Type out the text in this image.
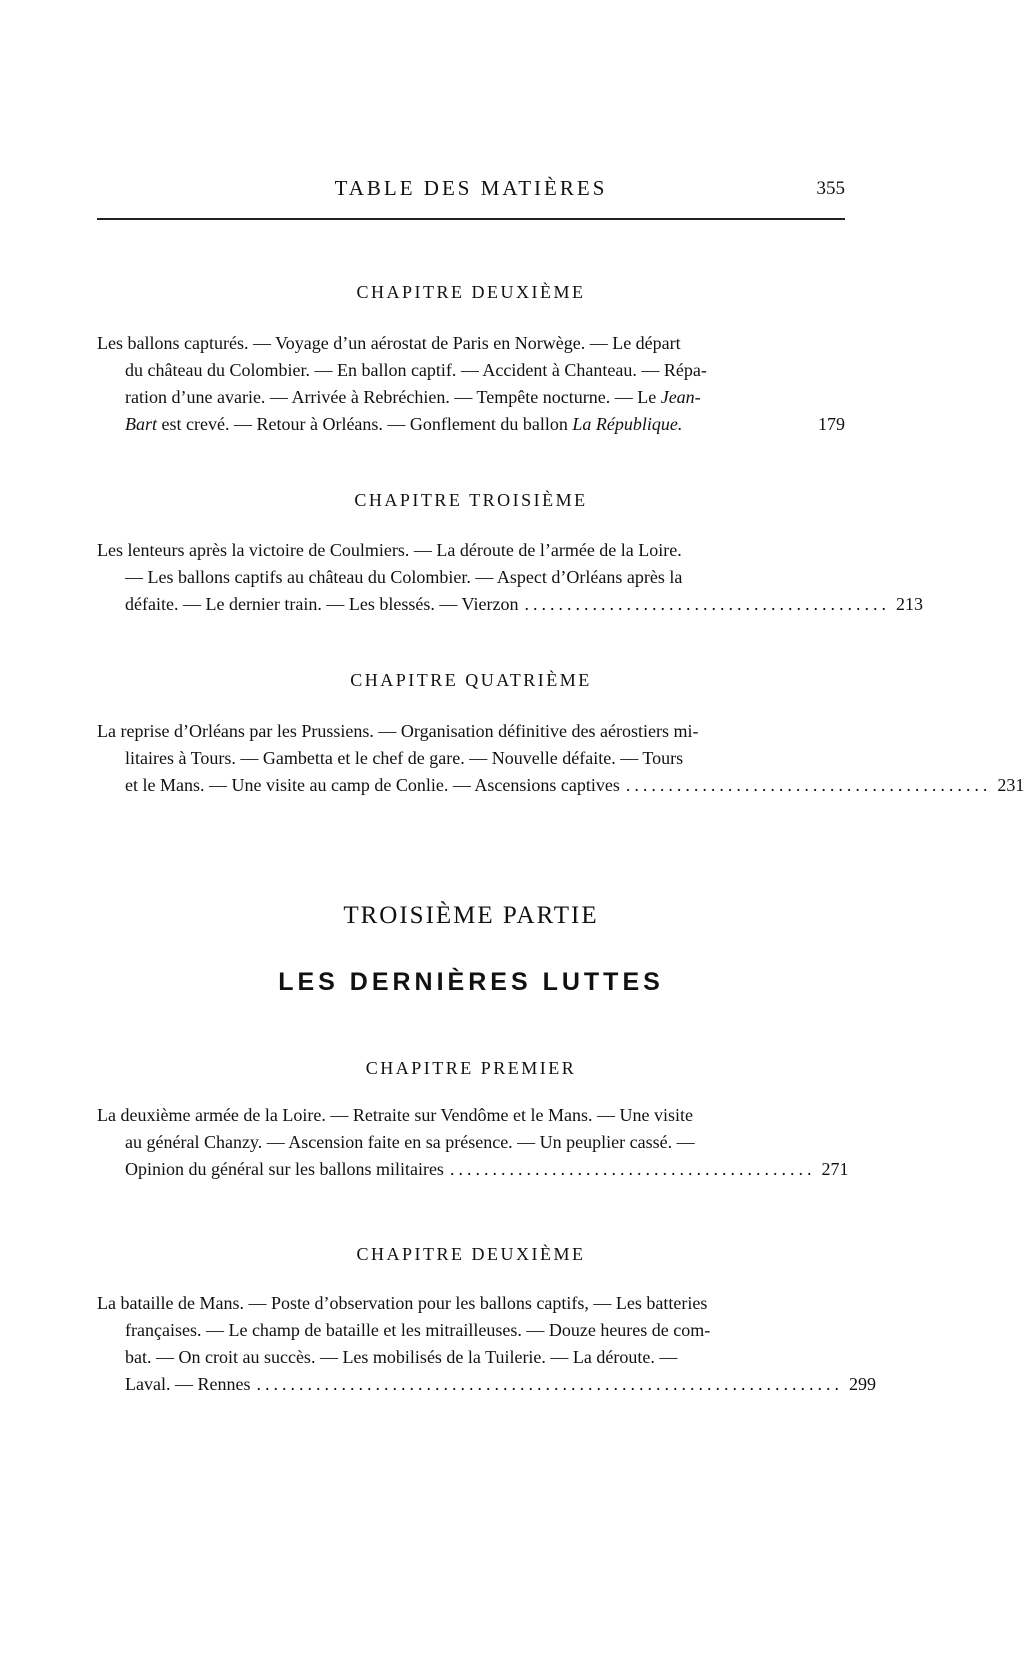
TABLE DES MATIÈRES	355
CHAPITRE DEUXIÈME
Les ballons capturés. — Voyage d’un aérostat de Paris en Norwège. — Le départ
du château du Colombier. — En ballon captif. — Accident à Chanteau. — Répa-
ration d’une avarie. — Arrivée à Rebréchien. — Tempête nocturne. — Le Jean-
Bart est crevé. — Retour à Orléans. — Gonflement du ballon La République.	179
CHAPITRE TROISIÈME
Les lenteurs après la victoire de Coulmiers. — La déroute de l’armée de la Loire.
— Les ballons captifs au château du Colombier. — Aspect d’Orléans après la
défaite. — Le dernier train. — Les blessés. — Vierzon ........................................... 213
CHAPITRE QUATRIÈME
La reprise d’Orléans par les Prussiens. — Organisation définitive des aérostiers mi-
litaires à Tours. — Gambetta et le chef de gare. — Nouvelle défaite. — Tours
et le Mans. — Une visite au camp de Conlie. — Ascensions captives ........................................... 231
TROISIÈME PARTIE
LES DERNIÈRES LUTTES
CHAPITRE PREMIER
La deuxième armée de la Loire. — Retraite sur Vendôme et le Mans. — Une visite
au général Chanzy. — Ascension faite en sa présence. — Un peuplier cassé. —
Opinion du général sur les ballons militaires ........................................... 271
CHAPITRE DEUXIÈME
La bataille de Mans. — Poste d’observation pour les ballons captifs, — Les batteries
françaises. — Le champ de bataille et les mitrailleuses. — Douze heures de com-
bat. — On croit au succès. — Les mobilisés de la Tuilerie. — La déroute. —
Laval. — Rennes ..................................................................... 299
